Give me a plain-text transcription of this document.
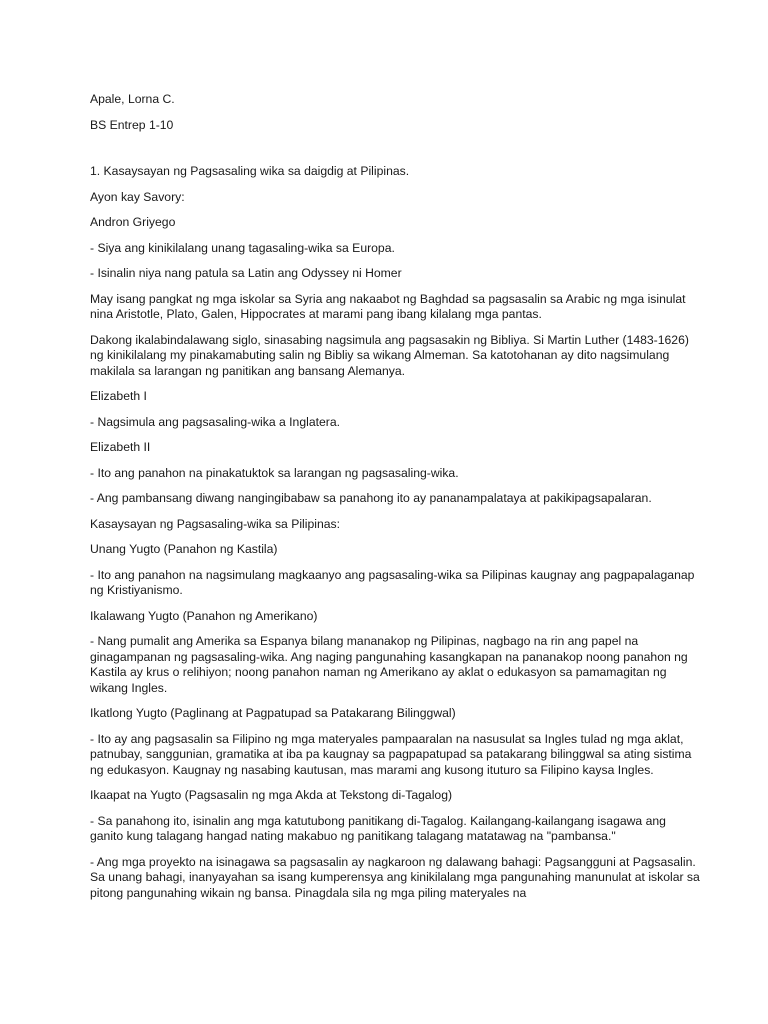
Apale, Lorna C.

BS Entrep 1-10

1. Kasaysayan ng Pagsasaling wika sa daigdig at Pilipinas.

Ayon kay Savory:

Andron Griyego

- Siya ang kinikilalang unang tagasaling-wika sa Europa.

- Isinalin niya nang patula sa Latin ang Odyssey ni Homer

May isang pangkat ng mga iskolar sa Syria ang nakaabot ng Baghdad sa pagsasalin sa Arabic ng mga isinulat nina Aristotle, Plato, Galen, Hippocrates at marami pang ibang kilalang mga pantas.

Dakong ikalabindalawang siglo, sinasabing nagsimula ang pagsasakin ng Bibliya. Si Martin Luther (1483-1626) ng kinikilalang my pinakamabuting salin ng Bibliy sa wikang Almeman. Sa katotohanan ay dito nagsimulang makilala sa larangan ng panitikan ang bansang Alemanya.

Elizabeth I

- Nagsimula ang pagsasaling-wika a Inglatera.

Elizabeth II

- Ito ang panahon na pinakatuktok sa larangan ng pagsasaling-wika.

- Ang pambansang diwang nangingibabaw sa panahong ito ay pananampalataya at pakikipagsapalaran.

Kasaysayan ng Pagsasaling-wika sa Pilipinas:

Unang Yugto (Panahon ng Kastila)

- Ito ang panahon na nagsimulang magkaanyo ang pagsasaling-wika sa Pilipinas kaugnay ang pagpapalaganap ng Kristiyanismo.

Ikalawang Yugto (Panahon ng Amerikano)

- Nang pumalit ang Amerika sa Espanya bilang mananakop ng Pilipinas, nagbago na rin ang papel na ginagampanan ng pagsasaling-wika. Ang naging pangunahing kasangkapan na pananakop noong panahon ng Kastila ay krus o relihiyon; noong panahon naman ng Amerikano ay aklat o edukasyon sa pamamagitan ng wikang Ingles.

Ikatlong Yugto (Paglinang at Pagpatupad sa Patakarang Bilinggwal)

- Ito ay ang pagsasalin sa Filipino ng mga materyales pampaaralan na nasusulat sa Ingles tulad ng mga aklat, patnubay, sanggunian, gramatika at iba pa kaugnay sa pagpapatupad sa patakarang bilinggwal sa ating sistima ng edukasyon. Kaugnay ng nasabing kautusan, mas marami ang kusong ituturo sa Filipino kaysa Ingles.

Ikaapat na Yugto (Pagsasalin ng mga Akda at Tekstong di-Tagalog)

- Sa panahong ito, isinalin ang mga katutubong panitikang di-Tagalog. Kailangang-kailangang isagawa ang ganito kung talagang hangad nating makabuo ng panitikang talagang matatawag na "pambansa."

- Ang mga proyekto na isinagawa sa pagsasalin ay nagkaroon ng dalawang bahagi: Pagsangguni at Pagsasalin. Sa unang bahagi, inanyayahan sa isang kumperensya ang kinikilalang mga pangunahing manunulat at iskolar sa pitong pangunahing wikain ng bansa. Pinagdala sila ng mga piling materyales na
